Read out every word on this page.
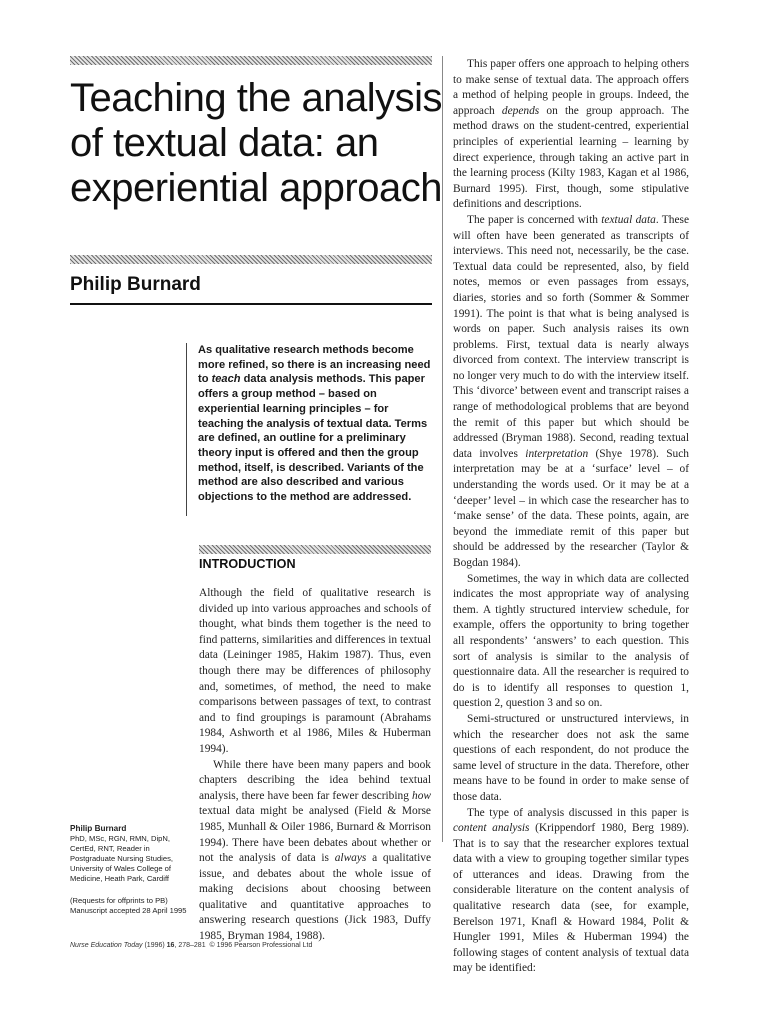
Teaching the analysis of textual data: an experiential approach
Philip Burnard

As qualitative research methods become more refined, so there is an increasing need to teach data analysis methods. This paper offers a group method – based on experiential learning principles – for teaching the analysis of textual data. Terms are defined, an outline for a preliminary theory input is offered and then the group method, itself, is described. Variants of the method are also described and various objections to the method are addressed.

INTRODUCTION

Although the field of qualitative research is divided up into various approaches and schools of thought, what binds them together is the need to find patterns, similarities and differences in textual data (Leininger 1985, Hakim 1987). Thus, even though there may be differences of philosophy and, sometimes, of method, the need to make comparisons between passages of text, to contrast and to find groupings is paramount (Abrahams 1984, Ashworth et al 1986, Miles & Huberman 1994).

While there have been many papers and book chapters describing the idea behind textual analysis, there have been far fewer describing how textual data might be analysed (Field & Morse 1985, Munhall & Oiler 1986, Burnard & Morrison 1994). There have been debates about whether or not the analysis of data is always a qualitative issue, and debates about the whole issue of making decisions about choosing between qualitative and quantitative approaches to answering research questions (Jick 1983, Duffy 1985, Bryman 1984, 1988).

This paper offers one approach to helping others to make sense of textual data. The approach offers a method of helping people in groups. Indeed, the approach depends on the group approach. The method draws on the student-centred, experiential principles of experiential learning – learning by direct experience, through taking an active part in the learning process (Kilty 1983, Kagan et al 1986, Burnard 1995). First, though, some stipulative definitions and descriptions.

The paper is concerned with textual data. These will often have been generated as transcripts of interviews. This need not, necessarily, be the case. Textual data could be represented, also, by field notes, memos or even passages from essays, diaries, stories and so forth (Sommer & Sommer 1991). The point is that what is being analysed is words on paper. Such analysis raises its own problems. First, textual data is nearly always divorced from context. The interview transcript is no longer very much to do with the interview itself. This ‘divorce’ between event and transcript raises a range of methodological problems that are beyond the remit of this paper but which should be addressed (Bryman 1988). Second, reading textual data involves interpretation (Shye 1978). Such interpretation may be at a ‘surface’ level – of understanding the words used. Or it may be at a ‘deeper’ level – in which case the researcher has to ‘make sense’ of the data. These points, again, are beyond the immediate remit of this paper but should be addressed by the researcher (Taylor & Bogdan 1984).

Sometimes, the way in which data are collected indicates the most appropriate way of analysing them. A tightly structured interview schedule, for example, offers the opportunity to bring together all respondents’ ‘answers’ to each question. This sort of analysis is similar to the analysis of questionnaire data. All the researcher is required to do is to identify all responses to question 1, question 2, question 3 and so on.

Semi-structured or unstructured interviews, in which the researcher does not ask the same questions of each respondent, do not produce the same level of structure in the data. Therefore, other means have to be found in order to make sense of those data.

The type of analysis discussed in this paper is content analysis (Krippendorf 1980, Berg 1989). That is to say that the researcher explores textual data with a view to grouping together similar types of utterances and ideas. Drawing from the considerable literature on the content analysis of qualitative research data (see, for example, Berelson 1971, Knafl & Howard 1984, Polit & Hungler 1991, Miles & Huberman 1994) the following stages of content analysis of textual data may be identified:

Philip Burnard
PhD, MSc, RGN, RMN, DipN, CertEd, RNT, Reader in Postgraduate Nursing Studies, University of Wales College of Medicine, Heath Park, Cardiff
(Requests for offprints to PB) Manuscript accepted 28 April 1995

Nurse Education Today (1996) 16, 278–281 © 1996 Pearson Professional Ltd
